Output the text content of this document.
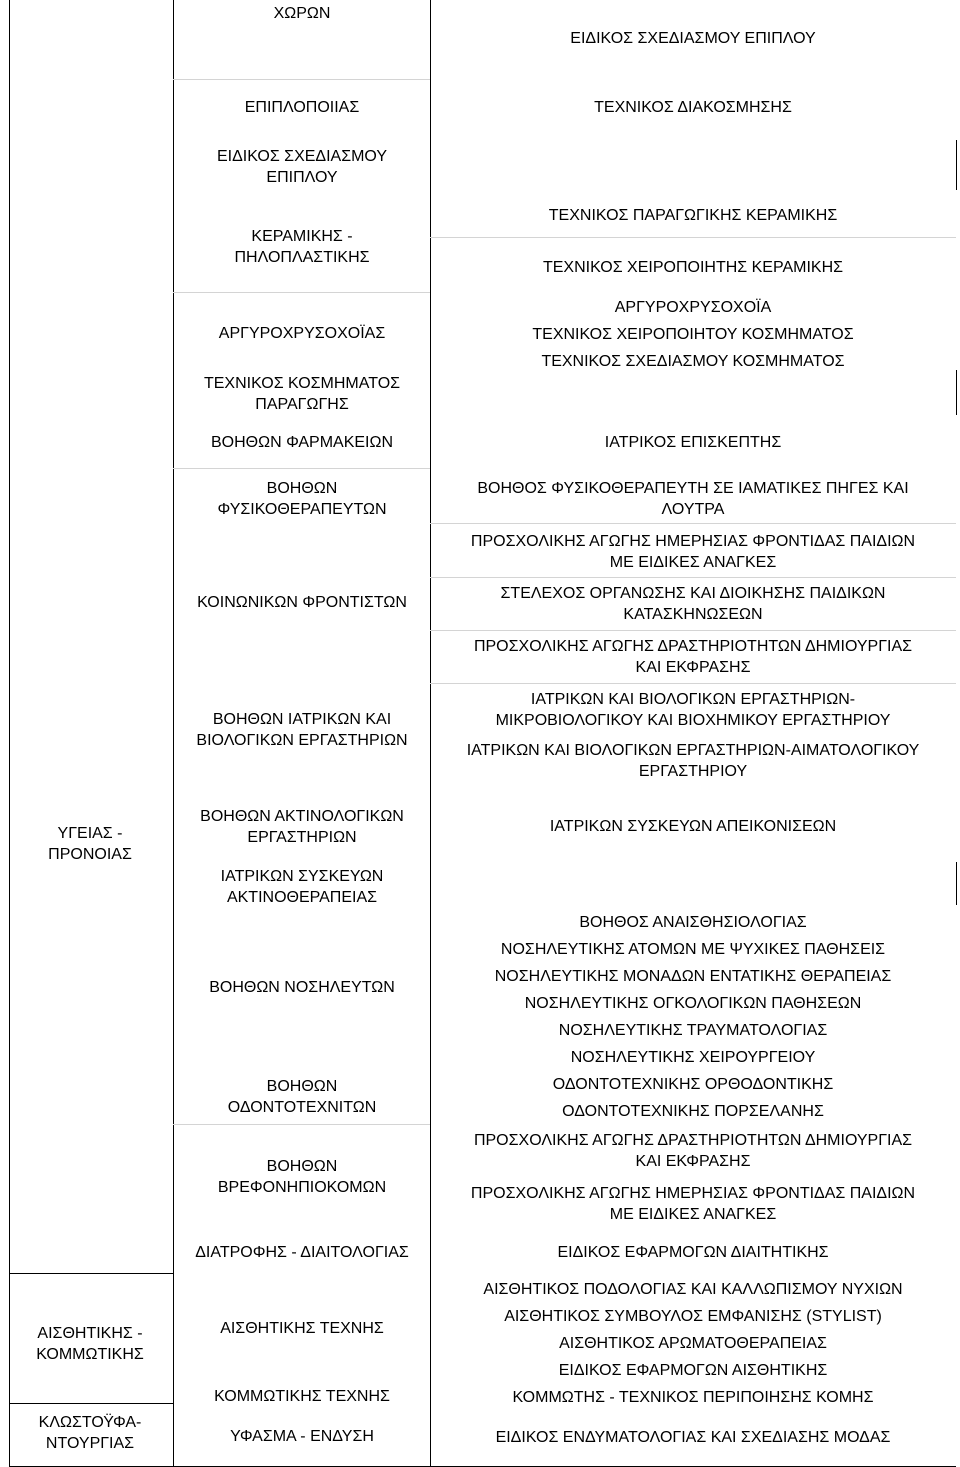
ΥΓΕΙΑΣ -
ΠΡΟΝΟΙΑΣ
ΑΙΣΘΗΤΙΚΗΣ -
ΚΟΜΜΩΤΙΚΗΣ
ΚΛΩΣΤΟΫΦΑ-
ΝΤΟΥΡΓΙΑΣ
ΧΩΡΩΝ
ΕΠΙΠΛΟΠΟΙΙΑΣ
ΕΙΔΙΚΟΣ ΣΧΕΔΙΑΣΜΟΥ
ΕΠΙΠΛΟΥ
ΚΕΡΑΜΙΚΗΣ -
ΠΗΛΟΠΛΑΣΤΙΚΗΣ
ΑΡΓΥΡΟΧΡΥΣΟΧΟΪΑΣ
ΤΕΧΝΙΚΟΣ ΚΟΣΜΗΜΑΤΟΣ
ΠΑΡΑΓΩΓΗΣ
ΒΟΗΘΩΝ ΦΑΡΜΑΚΕΙΩΝ
ΒΟΗΘΩΝ
ΦΥΣΙΚΟΘΕΡΑΠΕΥΤΩΝ
ΚΟΙΝΩΝΙΚΩΝ ΦΡΟΝΤΙΣΤΩΝ
ΒΟΗΘΩΝ ΙΑΤΡΙΚΩΝ ΚΑΙ
ΒΙΟΛΟΓΙΚΩΝ ΕΡΓΑΣΤΗΡΙΩΝ
ΒΟΗΘΩΝ ΑΚΤΙΝΟΛΟΓΙΚΩΝ
ΕΡΓΑΣΤΗΡΙΩΝ
ΙΑΤΡΙΚΩΝ ΣΥΣΚΕΥΩΝ
ΑΚΤΙΝΟΘΕΡΑΠΕΙΑΣ
ΒΟΗΘΩΝ ΝΟΣΗΛΕΥΤΩΝ
ΒΟΗΘΩΝ
ΟΔΟΝΤΟΤΕΧΝΙΤΩΝ
ΒΟΗΘΩΝ
ΒΡΕΦΟΝΗΠΙΟΚΟΜΩΝ
ΔΙΑΤΡΟΦΗΣ - ΔΙΑΙΤΟΛΟΓΙΑΣ
ΑΙΣΘΗΤΙΚΗΣ ΤΕΧΝΗΣ
ΚΟΜΜΩΤΙΚΗΣ ΤΕΧΝΗΣ
ΥΦΑΣΜΑ - ΕΝΔΥΣΗ
ΕΙΔΙΚΟΣ ΣΧΕΔΙΑΣΜΟΥ ΕΠΙΠΛΟΥ
ΤΕΧΝΙΚΟΣ ΔΙΑΚΟΣΜΗΣΗΣ
ΤΕΧΝΙΚΟΣ ΠΑΡΑΓΩΓΙΚΗΣ ΚΕΡΑΜΙΚΗΣ
ΤΕΧΝΙΚΟΣ ΧΕΙΡΟΠΟΙΗΤΗΣ ΚΕΡΑΜΙΚΗΣ
ΑΡΓΥΡΟΧΡΥΣΟΧΟΪΑ
ΤΕΧΝΙΚΟΣ ΧΕΙΡΟΠΟΙΗΤΟΥ ΚΟΣΜΗΜΑΤΟΣ
ΤΕΧΝΙΚΟΣ ΣΧΕΔΙΑΣΜΟΥ ΚΟΣΜΗΜΑΤΟΣ
ΙΑΤΡΙΚΟΣ ΕΠΙΣΚΕΠΤΗΣ
ΒΟΗΘΟΣ ΦΥΣΙΚΟΘΕΡΑΠΕΥΤΗ ΣΕ ΙΑΜΑΤΙΚΕΣ ΠΗΓΕΣ ΚΑΙ
ΛΟΥΤΡΑ
ΠΡΟΣΧΟΛΙΚΗΣ ΑΓΩΓΗΣ ΗΜΕΡΗΣΙΑΣ ΦΡΟΝΤΙΔΑΣ ΠΑΙΔΙΩΝ
ΜΕ ΕΙΔΙΚΕΣ ΑΝΑΓΚΕΣ
ΣΤΕΛΕΧΟΣ ΟΡΓΑΝΩΣΗΣ ΚΑΙ ΔΙΟΙΚΗΣΗΣ ΠΑΙΔΙΚΩΝ
ΚΑΤΑΣΚΗΝΩΣΕΩΝ
ΠΡΟΣΧΟΛΙΚΗΣ ΑΓΩΓΗΣ ΔΡΑΣΤΗΡΙΟΤΗΤΩΝ ΔΗΜΙΟΥΡΓΙΑΣ
ΚΑΙ ΕΚΦΡΑΣΗΣ
ΙΑΤΡΙΚΩΝ ΚΑΙ ΒΙΟΛΟΓΙΚΩΝ ΕΡΓΑΣΤΗΡΙΩΝ-
ΜΙΚΡΟΒΙΟΛΟΓΙΚΟΥ ΚΑΙ ΒΙΟΧΗΜΙΚΟΥ ΕΡΓΑΣΤΗΡΙΟΥ
ΙΑΤΡΙΚΩΝ ΚΑΙ ΒΙΟΛΟΓΙΚΩΝ ΕΡΓΑΣΤΗΡΙΩΝ-ΑΙΜΑΤΟΛΟΓΙΚΟΥ
ΕΡΓΑΣΤΗΡΙΟΥ
ΙΑΤΡΙΚΩΝ ΣΥΣΚΕΥΩΝ ΑΠΕΙΚΟΝΙΣΕΩΝ
ΒΟΗΘΟΣ ΑΝΑΙΣΘΗΣΙΟΛΟΓΙΑΣ
ΝΟΣΗΛΕΥΤΙΚΗΣ ΑΤΟΜΩΝ ΜΕ ΨΥΧΙΚΕΣ ΠΑΘΗΣΕΙΣ
ΝΟΣΗΛΕΥΤΙΚΗΣ ΜΟΝΑΔΩΝ ΕΝΤΑΤΙΚΗΣ ΘΕΡΑΠΕΙΑΣ
ΝΟΣΗΛΕΥΤΙΚΗΣ ΟΓΚΟΛΟΓΙΚΩΝ ΠΑΘΗΣΕΩΝ
ΝΟΣΗΛΕΥΤΙΚΗΣ ΤΡΑΥΜΑΤΟΛΟΓΙΑΣ
ΝΟΣΗΛΕΥΤΙΚΗΣ ΧΕΙΡΟΥΡΓΕΙΟΥ
ΟΔΟΝΤΟΤΕΧΝΙΚΗΣ ΟΡΘΟΔΟΝΤΙΚΗΣ
ΟΔΟΝΤΟΤΕΧΝΙΚΗΣ ΠΟΡΣΕΛΑΝΗΣ
ΠΡΟΣΧΟΛΙΚΗΣ ΑΓΩΓΗΣ ΔΡΑΣΤΗΡΙΟΤΗΤΩΝ ΔΗΜΙΟΥΡΓΙΑΣ
ΚΑΙ ΕΚΦΡΑΣΗΣ
ΠΡΟΣΧΟΛΙΚΗΣ ΑΓΩΓΗΣ ΗΜΕΡΗΣΙΑΣ ΦΡΟΝΤΙΔΑΣ ΠΑΙΔΙΩΝ
ΜΕ ΕΙΔΙΚΕΣ ΑΝΑΓΚΕΣ
ΕΙΔΙΚΟΣ ΕΦΑΡΜΟΓΩΝ ΔΙΑΙΤΗΤΙΚΗΣ
ΑΙΣΘΗΤΙΚΟΣ ΠΟΔΟΛΟΓΙΑΣ ΚΑΙ ΚΑΛΛΩΠΙΣΜΟΥ ΝΥΧΙΩΝ
ΑΙΣΘΗΤΙΚΟΣ ΣΥΜΒΟΥΛΟΣ ΕΜΦΑΝΙΣΗΣ (STYLIST)
ΑΙΣΘΗΤΙΚΟΣ ΑΡΩΜΑΤΟΘΕΡΑΠΕΙΑΣ
ΕΙΔΙΚΟΣ ΕΦΑΡΜΟΓΩΝ ΑΙΣΘΗΤΙΚΗΣ
ΚΟΜΜΩΤΗΣ - ΤΕΧΝΙΚΟΣ ΠΕΡΙΠΟΙΗΣΗΣ ΚΟΜΗΣ
ΕΙΔΙΚΟΣ ΕΝΔΥΜΑΤΟΛΟΓΙΑΣ ΚΑΙ ΣΧΕΔΙΑΣΗΣ ΜΟΔΑΣ
